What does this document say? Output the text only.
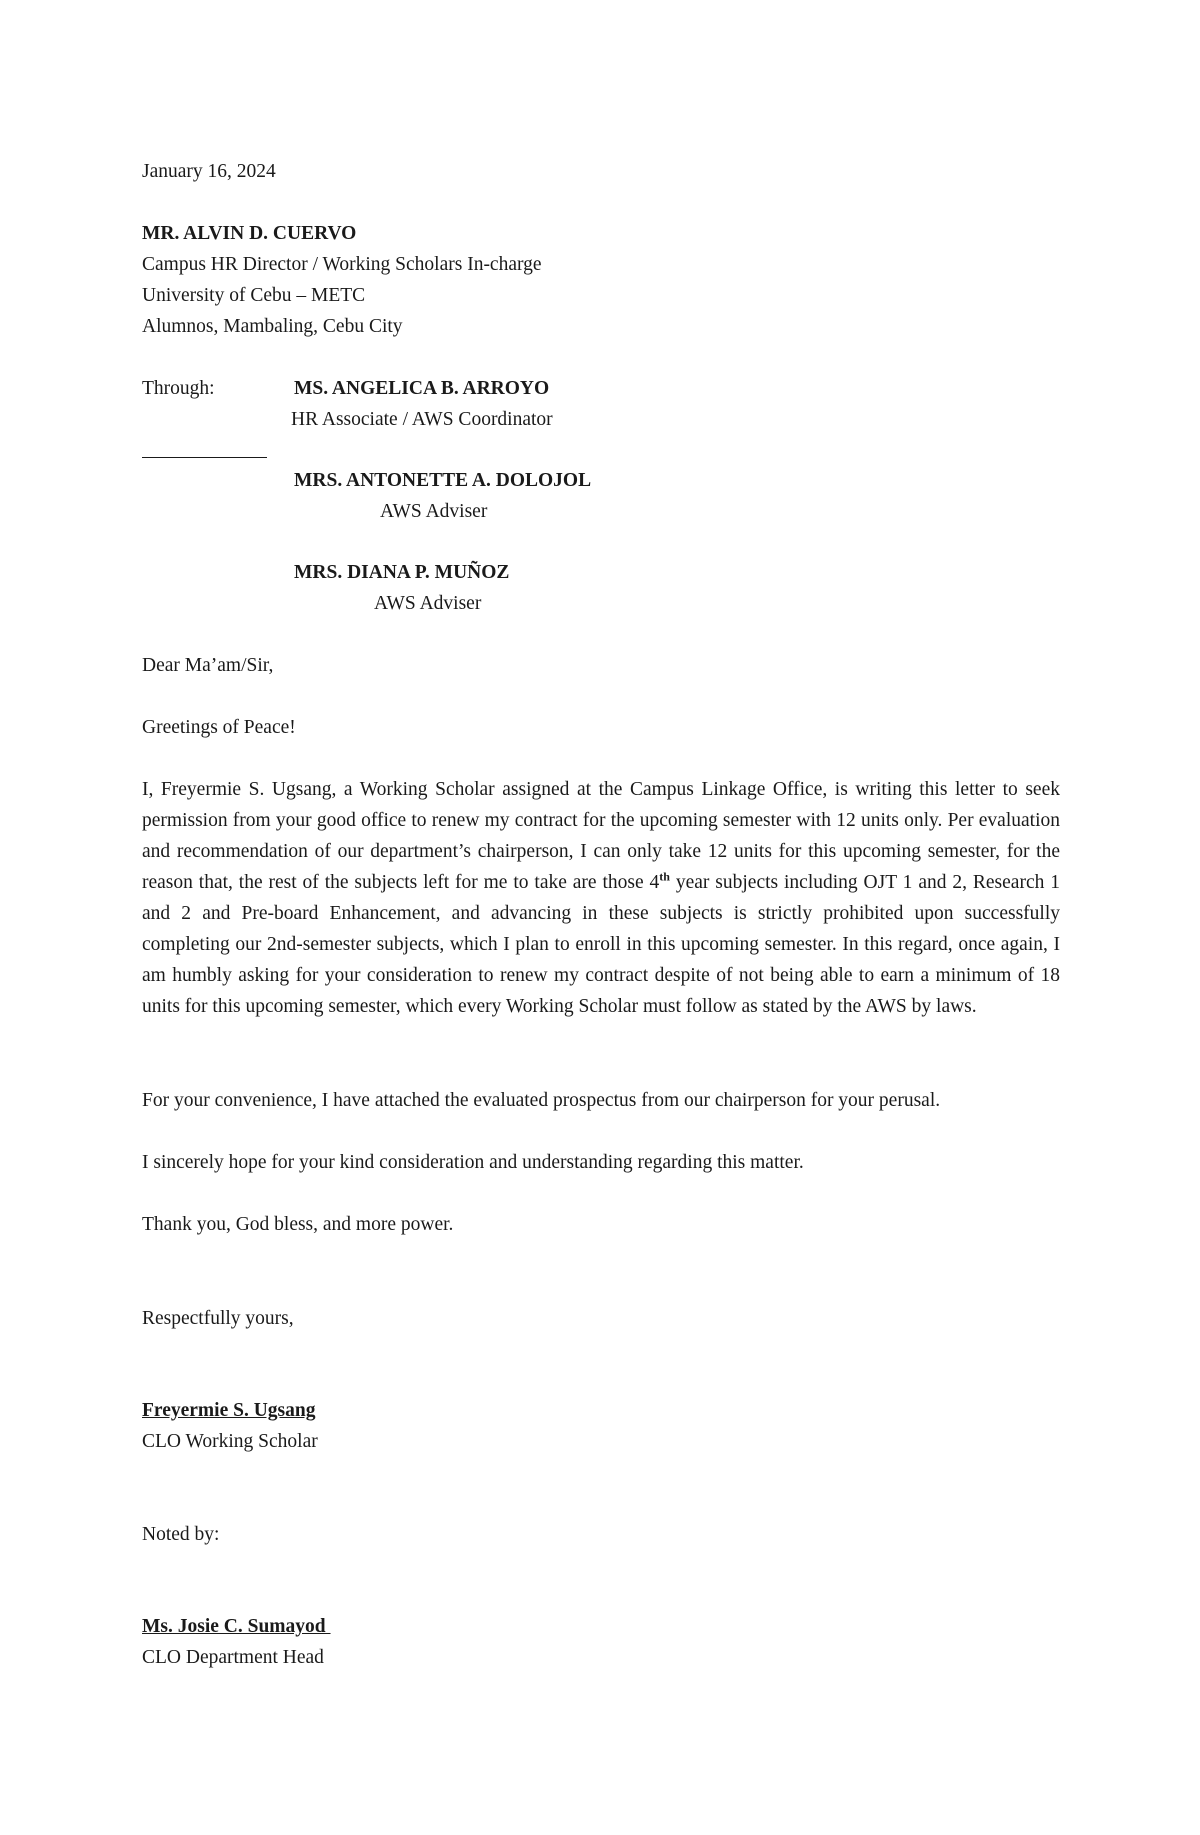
January 16, 2024
MR. ALVIN D. CUERVO
Campus HR Director / Working Scholars In-charge
University of Cebu – METC
Alumnos, Mambaling, Cebu City
Through:	MS. ANGELICA B. ARROYO
HR Associate / AWS Coordinator
MRS. ANTONETTE A. DOLOJOL
AWS Adviser
MRS. DIANA P. MUÑOZ
AWS Adviser
Dear Ma’am/Sir,
Greetings of Peace!
I, Freyermie S. Ugsang, a Working Scholar assigned at the Campus Linkage Office, is writing this letter to seek permission from your good office to renew my contract for the upcoming semester with 12 units only. Per evaluation and recommendation of our department’s chairperson, I can only take 12 units for this upcoming semester, for the reason that, the rest of the subjects left for me to take are those 4th year subjects including OJT 1 and 2, Research 1 and 2 and Pre-board Enhancement, and advancing in these subjects is strictly prohibited upon successfully completing our 2nd-semester subjects, which I plan to enroll in this upcoming semester. In this regard, once again, I am humbly asking for your consideration to renew my contract despite of not being able to earn a minimum of 18 units for this upcoming semester, which every Working Scholar must follow as stated by the AWS by laws.
For your convenience, I have attached the evaluated prospectus from our chairperson for your perusal.
I sincerely hope for your kind consideration and understanding regarding this matter.
Thank you, God bless, and more power.
Respectfully yours,
Freyermie S. Ugsang
CLO Working Scholar
Noted by:
Ms. Josie C. Sumayod
CLO Department Head
